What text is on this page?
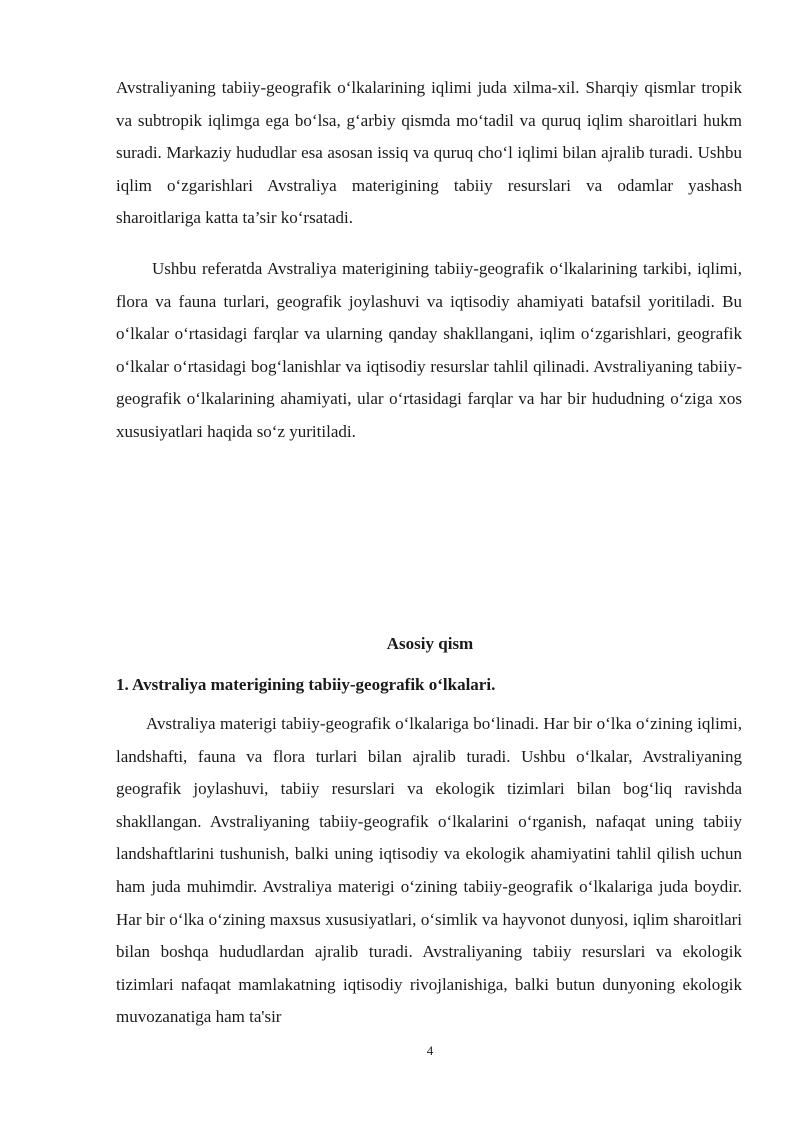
Avstraliyaning tabiiy-geografik o‘lkalarining iqlimi juda xilma-xil. Sharqiy qismlar tropik va subtropik iqlimga ega bo‘lsa, g‘arbiy qismda mo‘tadil va quruq iqlim sharoitlari hukm suradi. Markaziy hududlar esa asosan issiq va quruq cho‘l iqlimi bilan ajralib turadi. Ushbu iqlim o‘zgarishlari Avstraliya materigining tabiiy resurslari va odamlar yashash sharoitlariga katta ta’sir ko‘rsatadi.

Ushbu referatda Avstraliya materigining tabiiy-geografik o‘lkalarining tarkibi, iqlimi, flora va fauna turlari, geografik joylashuvi va iqtisodiy ahamiyati batafsil yoritiladi. Bu o‘lkalar o‘rtasidagi farqlar va ularning qanday shakllangani, iqlim o‘zgarishlari, geografik o‘lkalar o‘rtasidagi bog‘lanishlar va iqtisodiy resurslar tahlil qilinadi. Avstraliyaning tabiiy-geografik o‘lkalarining ahamiyati, ular o‘rtasidagi farqlar va har bir hududning o‘ziga xos xususiyatlari haqida so‘z yuritiladi.

Asosiy qism
1. Avstraliya materigining tabiiy-geografik o‘lkalari.

Avstraliya materigi tabiiy-geografik o‘lkalariga bo‘linadi. Har bir o‘lka o‘zining iqlimi, landshafti, fauna va flora turlari bilan ajralib turadi. Ushbu o‘lkalar, Avstraliyaning geografik joylashuvi, tabiiy resurslari va ekologik tizimlari bilan bog‘liq ravishda shakllangan. Avstraliyaning tabiiy-geografik o‘lkalarini o‘rganish, nafaqat uning tabiiy landshaftlarini tushunish, balki uning iqtisodiy va ekologik ahamiyatini tahlil qilish uchun ham juda muhimdir. Avstraliya materigi o‘zining tabiiy-geografik o‘lkalariga juda boydir. Har bir o‘lka o‘zining maxsus xususiyatlari, o‘simlik va hayvonot dunyosi, iqlim sharoitlari bilan boshqa hududlardan ajralib turadi. Avstraliyaning tabiiy resurslari va ekologik tizimlari nafaqat mamlakatning iqtisodiy rivojlanishiga, balki butun dunyoning ekologik muvozanatiga ham ta'sir

4
